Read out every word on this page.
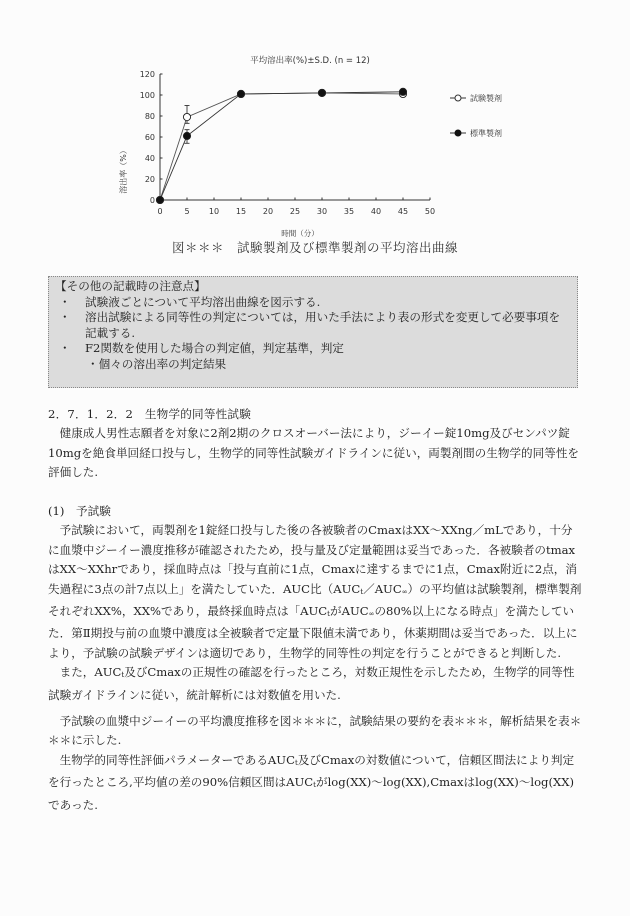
平均溶出率(%)±S.D. (n = 12)
溶出率（%）
0	5 10 15 20 25 30 35 40 45 50
0
20
40
60
80
100
120
時間（分）
試験製剤
標準製剤
図＊＊＊　試験製剤及び標準製剤の平均溶出曲線
【その他の記載時の注意点】
・	試験液ごとについて平均溶出曲線を図示する.
・	溶出試験による同等性の判定については，用いた手法により表の形式を変更して必要事項を記載する.
・	F2関数を使用した場合の判定値，判定基準，判定
・個々の溶出率の判定結果

2．7．1．2．2　生物学的同等性試験

健康成人男性志願者を対象に2剤2期のクロスオーバー法により，ジーイー錠10mg及びセンパツ錠10mgを絶食単回経口投与し，生物学的同等性試験ガイドラインに従い，両製剤間の生物学的同等性を評価した.

(1)　予試験

予試験において，両製剤を1錠経口投与した後の各被験者のCmaxはXX～XXng／mLであり，十分に血漿中ジーイー濃度推移が確認されたため，投与量及び定量範囲は妥当であった．各被験者のtmaxはXX～XXhrであり，採血時点は「投与直前に1点，Cmaxに達するまでに1点，Cmax附近に2点，消失過程に3点の計7点以上」を満たしていた．AUC比$(AUC_t/AUC_\infty)$の平均値は試験製剤，標準製剤それぞれXX%，XX%であり，最終採血時点は「$AUC_t$が$AUC_\infty$の80%以上になる時点」を満たしていた．第Ⅱ期投与前の血漿中濃度は全被験者で定量下限値未満であり，休薬期間は妥当であった．以上により，予試験の試験デザインは適切であり，生物学的同等性の判定を行うことができると判断した.

また，$AUC_t$及びCmaxの正規性の確認を行ったところ，対数正規性を示したため，生物学的同等性試験ガイドラインに従い，統計解析には対数値を用いた.

予試験の血漿中ジーイーの平均濃度推移を図＊＊＊に，試験結果の要約を表＊＊＊，解析結果を表＊＊＊に示した.

生物学的同等性評価パラメーターである$AUC_t$及びCmaxの対数値について，信頼区間法により判定を行ったところ,平均値の差の90%信頼区間は$AUC_t$がlog(XX)～log(XX),Cmaxはlog(XX)～log(XX)であった.
